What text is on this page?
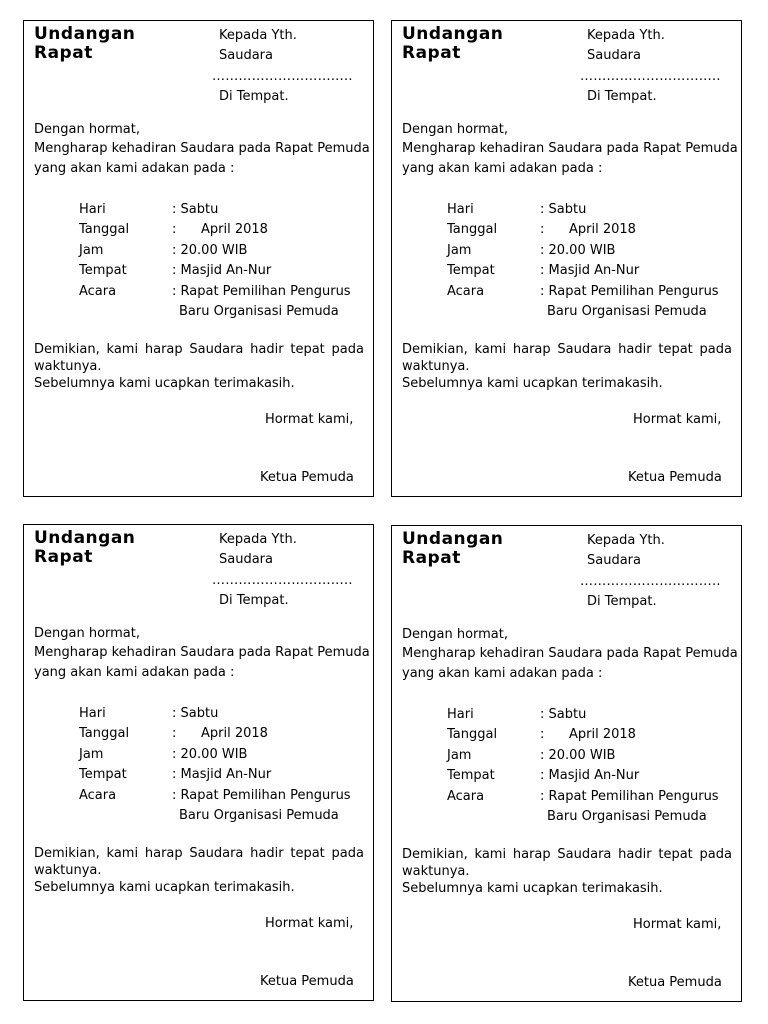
Undangan Rapat

Kepada Yth.

Saudara

…………………………..

Di Tempat.

Dengan hormat,

Mengharap kehadiran Saudara pada Rapat Pemuda

yang akan kami adakan pada :

Hari	: Sabtu

Tanggal	: April 2018

Jam	: 20.00 WIB

Tempat	: Masjid An-Nur

Acara	: Rapat Pemilihan Pengurus

Baru Organisasi Pemuda

Demikian, kami harap Saudara hadir tepat pada

waktunya.

Sebelumnya kami ucapkan terimakasih.

Hormat kami,

Ketua Pemuda

Undangan Rapat

Kepada Yth.

Saudara

…………………………..

Di Tempat.

Dengan hormat,

Mengharap kehadiran Saudara pada Rapat Pemuda

yang akan kami adakan pada :

Hari	: Sabtu

Tanggal	: April 2018

Jam	: 20.00 WIB

Tempat	: Masjid An-Nur

Acara	: Rapat Pemilihan Pengurus

Baru Organisasi Pemuda

Demikian, kami harap Saudara hadir tepat pada

waktunya.

Sebelumnya kami ucapkan terimakasih.

Hormat kami,

Ketua Pemuda

Undangan Rapat

Kepada Yth.

Saudara

…………………………..

Di Tempat.

Dengan hormat,

Mengharap kehadiran Saudara pada Rapat Pemuda

yang akan kami adakan pada :

Hari	: Sabtu

Tanggal	: April 2018

Jam	: 20.00 WIB

Tempat	: Masjid An-Nur

Acara	: Rapat Pemilihan Pengurus

Baru Organisasi Pemuda

Demikian, kami harap Saudara hadir tepat pada

waktunya.

Sebelumnya kami ucapkan terimakasih.

Hormat kami,

Ketua Pemuda

Undangan Rapat

Kepada Yth.

Saudara

…………………………..

Di Tempat.

Dengan hormat,

Mengharap kehadiran Saudara pada Rapat Pemuda

yang akan kami adakan pada :

Hari	: Sabtu

Tanggal	: April 2018

Jam	: 20.00 WIB

Tempat	: Masjid An-Nur

Acara	: Rapat Pemilihan Pengurus

Baru Organisasi Pemuda

Demikian, kami harap Saudara hadir tepat pada

waktunya.

Sebelumnya kami ucapkan terimakasih.

Hormat kami,

Ketua Pemuda
